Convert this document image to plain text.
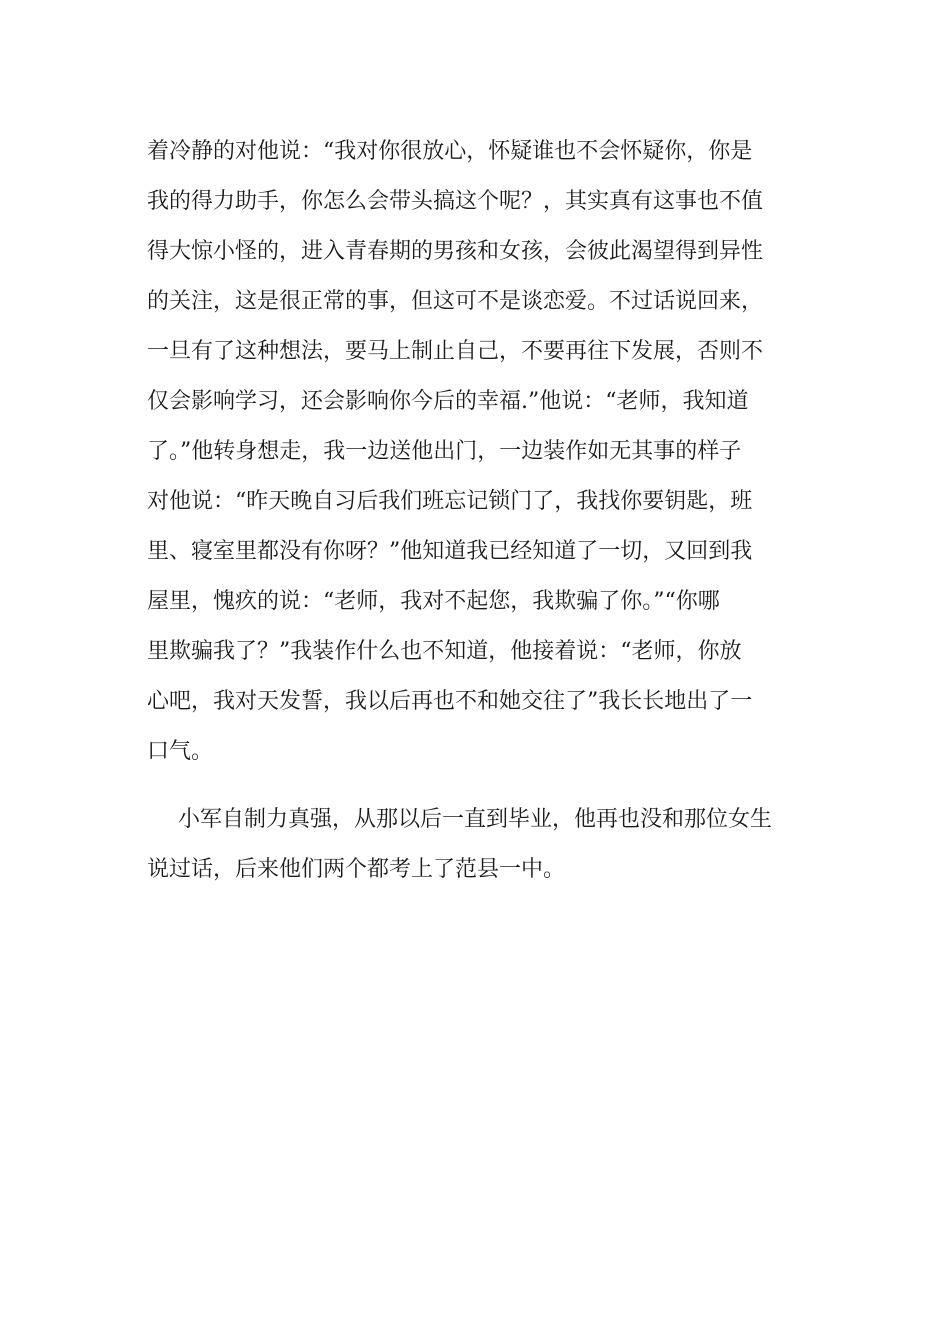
着冷静的对他说：“我对你很放心，怀疑谁也不会怀疑你，你是
我的得力助手，你怎么会带头搞这个呢？，其实真有这事也不值
得大惊小怪的，进入青春期的男孩和女孩，会彼此渴望得到异性
的关注，这是很正常的事，但这可不是谈恋爱。不过话说回来，
一旦有了这种想法，要马上制止自己，不要再往下发展，否则不
仅会影响学习，还会影响你今后的幸福.”他说：“老师，我知道
了。”他转身想走，我一边送他出门，一边装作如无其事的样子
对他说：“昨天晚自习后我们班忘记锁门了，我找你要钥匙，班
里、寝室里都没有你呀？”他知道我已经知道了一切，又回到我
屋里，愧疚的说：“老师，我对不起您，我欺骗了你。”“你哪
里欺骗我了？”我装作什么也不知道，他接着说：“老师，你放
心吧，我对天发誓，我以后再也不和她交往了”我长长地出了一
口气。
小军自制力真强，从那以后一直到毕业，他再也没和那位女生
说过话，后来他们两个都考上了范县一中。
